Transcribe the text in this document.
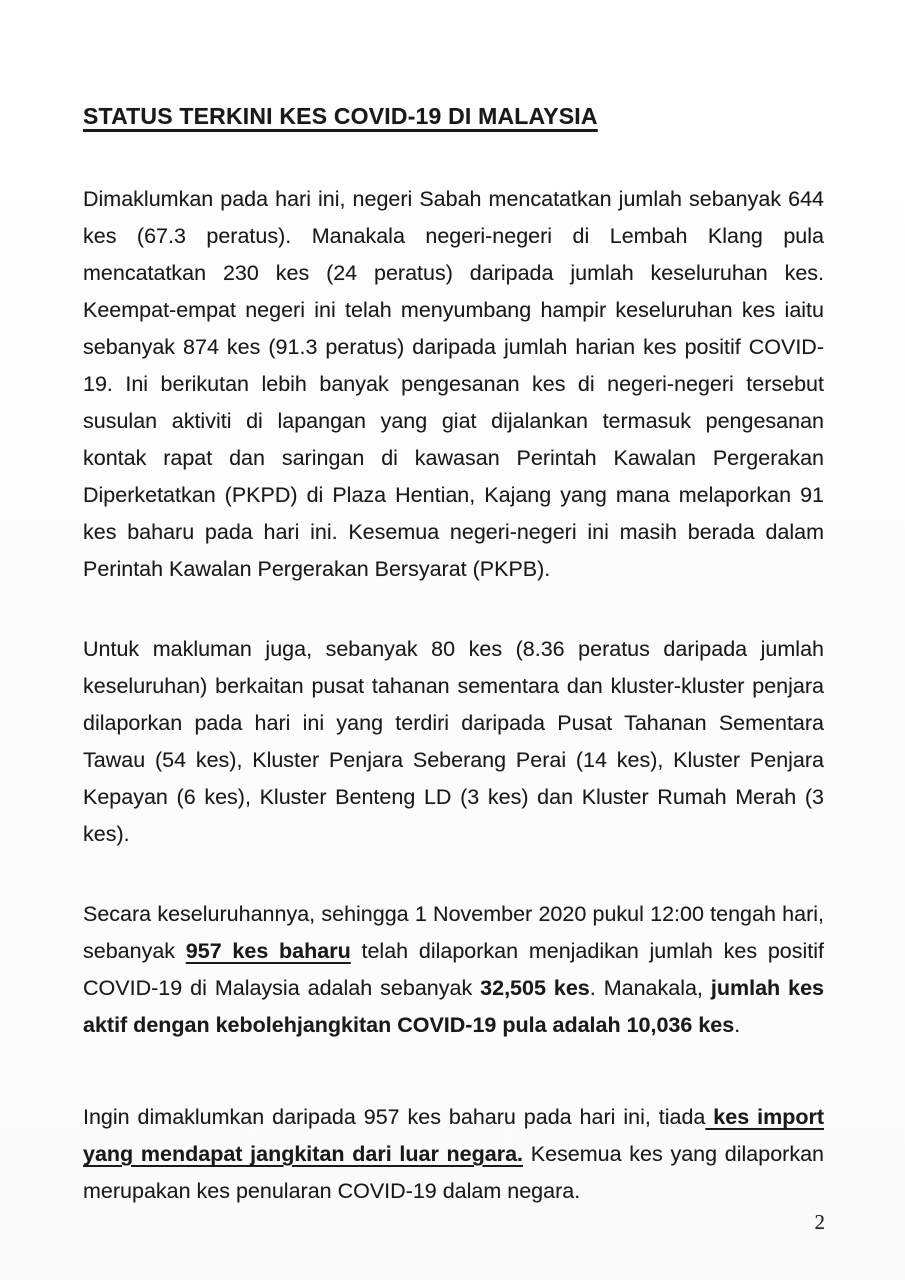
STATUS TERKINI KES COVID-19 DI MALAYSIA

Dimaklumkan pada hari ini, negeri Sabah mencatatkan jumlah sebanyak 644 kes (67.3 peratus). Manakala negeri-negeri di Lembah Klang pula mencatatkan 230 kes (24 peratus) daripada jumlah keseluruhan kes. Keempat-empat negeri ini telah menyumbang hampir keseluruhan kes iaitu sebanyak 874 kes (91.3 peratus) daripada jumlah harian kes positif COVID-19. Ini berikutan lebih banyak pengesanan kes di negeri-negeri tersebut susulan aktiviti di lapangan yang giat dijalankan termasuk pengesanan kontak rapat dan saringan di kawasan Perintah Kawalan Pergerakan Diperketatkan (PKPD) di Plaza Hentian, Kajang yang mana melaporkan 91 kes baharu pada hari ini. Kesemua negeri-negeri ini masih berada dalam Perintah Kawalan Pergerakan Bersyarat (PKPB).

Untuk makluman juga, sebanyak 80 kes (8.36 peratus daripada jumlah keseluruhan) berkaitan pusat tahanan sementara dan kluster-kluster penjara dilaporkan pada hari ini yang terdiri daripada Pusat Tahanan Sementara Tawau (54 kes), Kluster Penjara Seberang Perai (14 kes), Kluster Penjara Kepayan (6 kes), Kluster Benteng LD (3 kes) dan Kluster Rumah Merah (3 kes).

Secara keseluruhannya, sehingga 1 November 2020 pukul 12:00 tengah hari, sebanyak 957 kes baharu telah dilaporkan menjadikan jumlah kes positif COVID-19 di Malaysia adalah sebanyak 32,505 kes. Manakala, jumlah kes aktif dengan kebolehjangkitan COVID-19 pula adalah 10,036 kes.

Ingin dimaklumkan daripada 957 kes baharu pada hari ini, tiada kes import yang mendapat jangkitan dari luar negara. Kesemua kes yang dilaporkan merupakan kes penularan COVID-19 dalam negara.

2
